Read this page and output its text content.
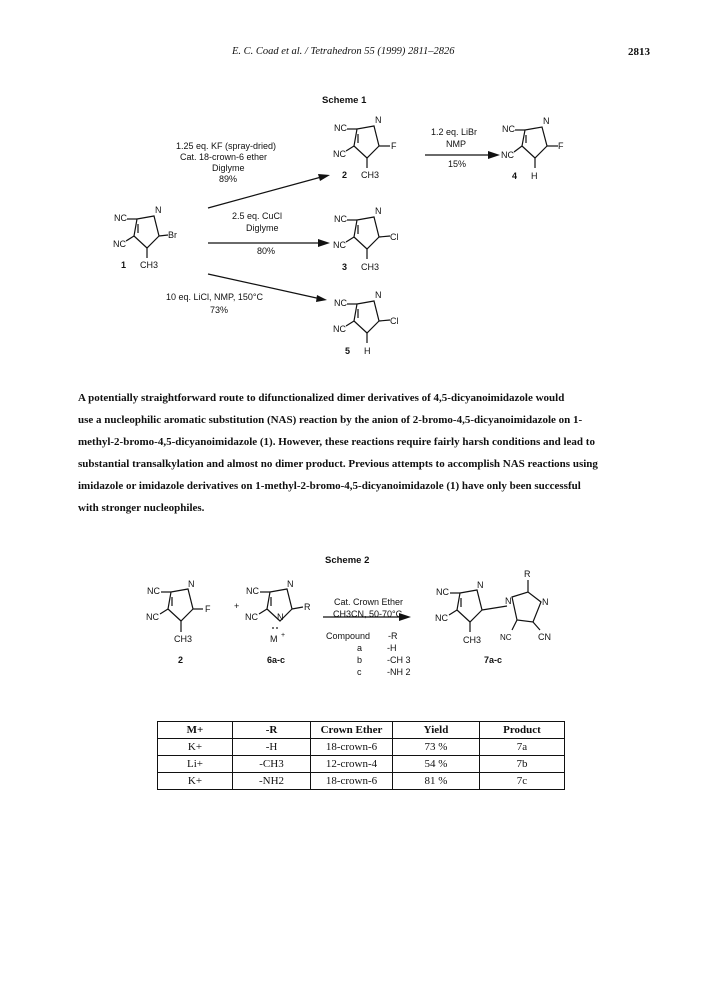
E. C. Coad et al. / Tetrahedron 55 (1999) 2811–2826	2813
Scheme 1
NC
NC
N
Br
CH3
1
NC
NC
N
F
CH3
2
NC
NC
N
F
H
4
NC
NC
N
Cl
CH3
3
NC
NC
N
Cl
H
5
1.25 eq. KF (spray-dried)
Cat. 18-crown-6 ether
Diglyme
89%
2.5 eq. CuCl
Diglyme
80%
10 eq. LiCl, NMP, 150°C
73%
1.2 eq. LiBr
NMP
15%
A potentially straightforward route to difunctionalized dimer derivatives of 4,5-dicyanoimidazole would
use a nucleophilic aromatic substitution (NAS) reaction by the anion of 2-bromo-4,5-dicyanoimidazole on 1-
methyl-2-bromo-4,5-dicyanoimidazole (1). However, these reactions require fairly harsh conditions and lead to
substantial transalkylation and almost no dimer product. Previous attempts to accomplish NAS reactions using
imidazole or imidazole derivatives on 1-methyl-2-bromo-4,5-dicyanoimidazole (1) have only been successful
with stronger nucleophiles.
Scheme 2
NC
NC
N
F
CH3
2
+
NC
NC
N
R
N
M +
6a-c
Cat. Crown Ether
CH3CN, 50-70°C
Compound -R
a	-H
b	-CH 3
c	-NH 2
NC
NC
N
CH3
R
N	N
NC	CN
7a-c
M+	-R	Crown Ether	Yield	Product
K+	-H	18-crown-6	73 %	7a
Li+	-CH3	12-crown-4	54 %	7b
K+	-NH2	18-crown-6	81 %	7c
